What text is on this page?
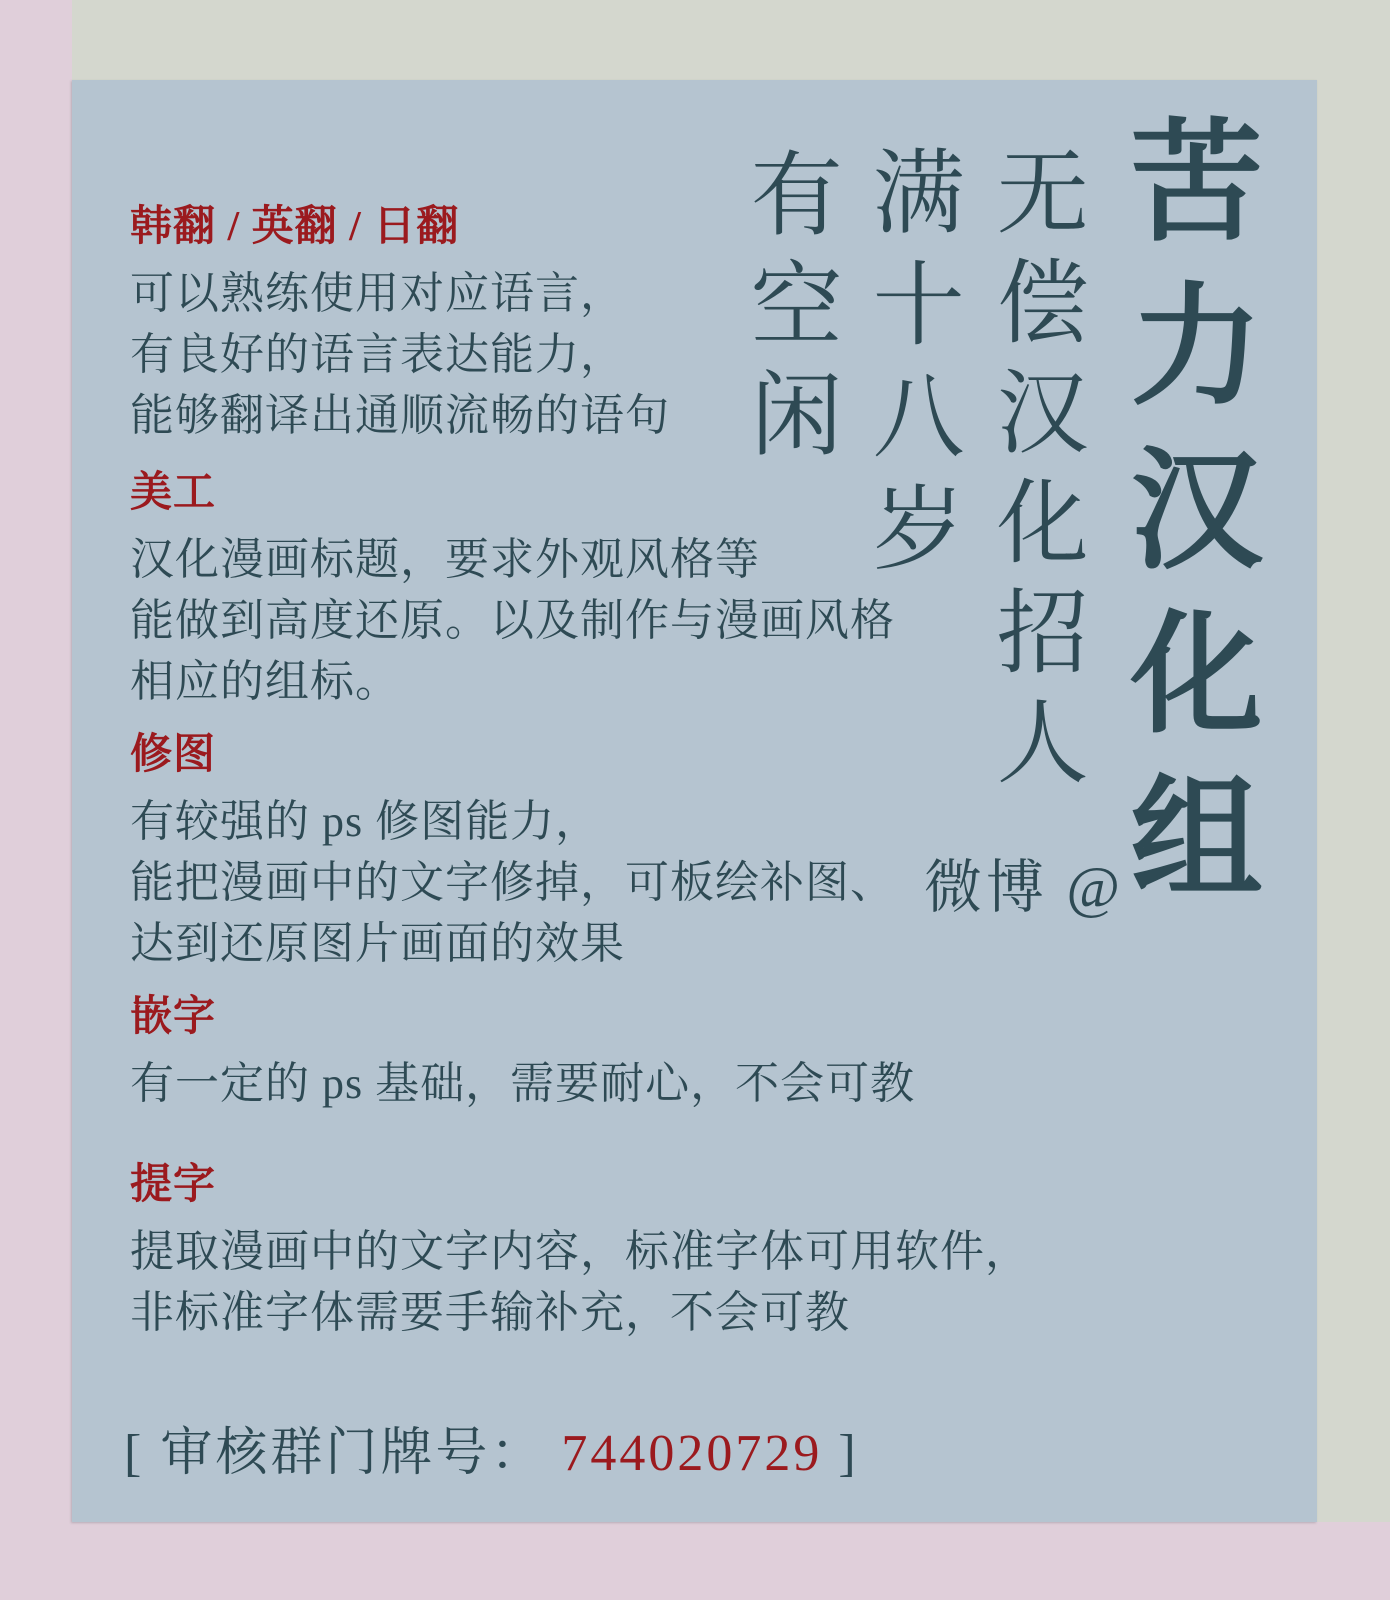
韩翻 / 英翻 / 日翻
可以熟练使用对应语言，
有良好的语言表达能力，
能够翻译出通顺流畅的语句
美工
汉化漫画标题，要求外观风格等
能做到高度还原。以及制作与漫画风格
相应的组标。
修图
有较强的 ps 修图能力，
能把漫画中的文字修掉，可板绘补图、
达到还原图片画面的效果
嵌字
有一定的 ps 基础，需要耐心，不会可教
提字
提取漫画中的文字内容，标准字体可用软件，
非标准字体需要手输补充，不会可教
苦力汉化组
无偿汉化招人
满十八岁
有空闲
微博 @
[ 审核群门牌号： 744020729 ]
